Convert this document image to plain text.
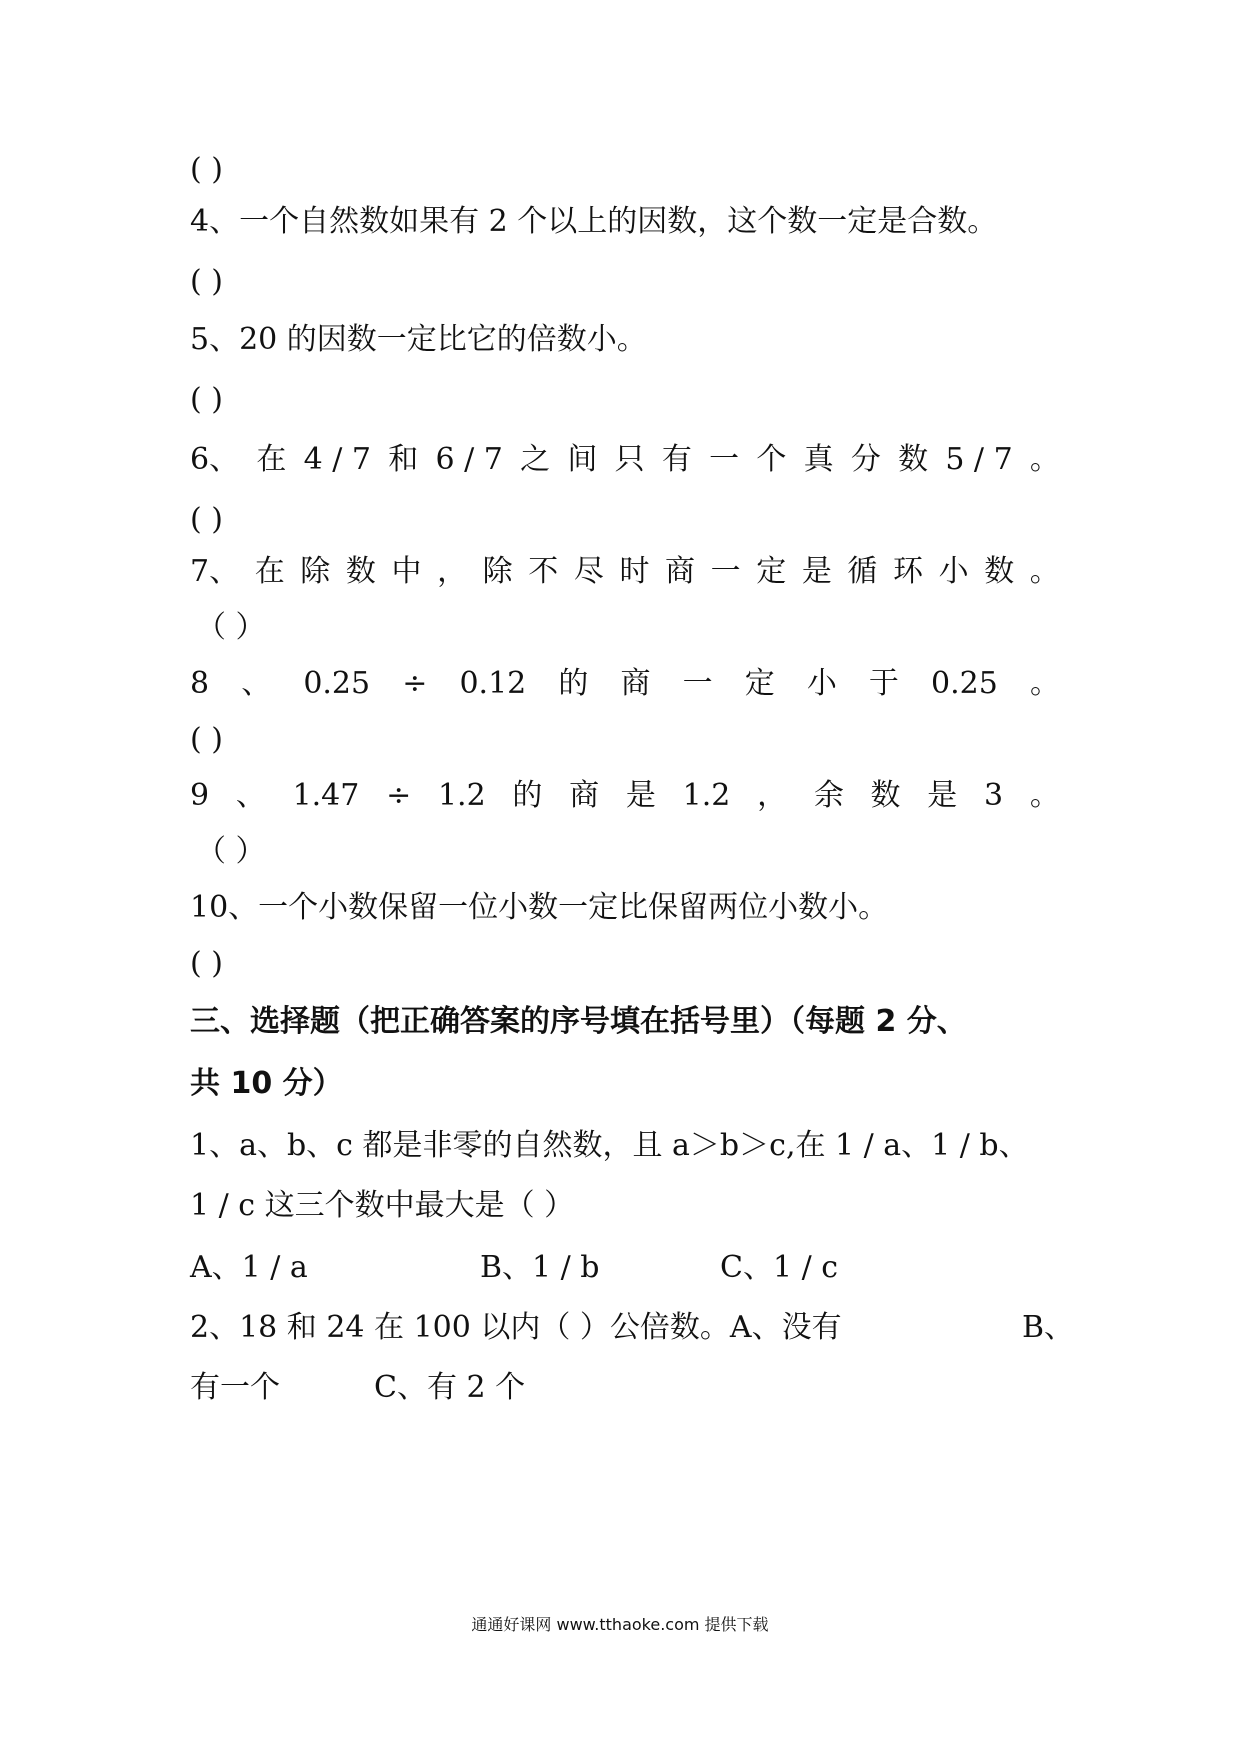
( )
4、一个自然数如果有 2 个以上的因数，这个数一定是合数。
( )
5、20 的因数一定比它的倍数小。
( )
6、 在 4 / 7 和 6 / 7 之 间 只 有 一 个 真 分 数 5 / 7 。
( )
7、 在 除 数 中 ， 除 不 尽 时 商 一 定 是 循 环 小 数 。
（ ）
8 、 0.25 ÷ 0.12 的 商 一 定 小 于 0.25 。
( )
9 、 1.47 ÷ 1.2 的 商 是 1.2 ， 余 数 是 3 。
（ ）
10、一个小数保留一位小数一定比保留两位小数小。
( )
三、选择题（把正确答案的序号填在括号里）（每题 2 分、
共 10 分）
1、a、b、c 都是非零的自然数，且 a＞b＞c,在 1 / a、1 / b、
1 / c 这三个数中最大是（ ）
A、1 / a	B、1 / b	C、1 / c
2、18 和 24 在 100 以内（ ）公倍数。A、没有	B、
有一个	C、有 2 个
通通好课网 www.tthaoke.com 提供下载
